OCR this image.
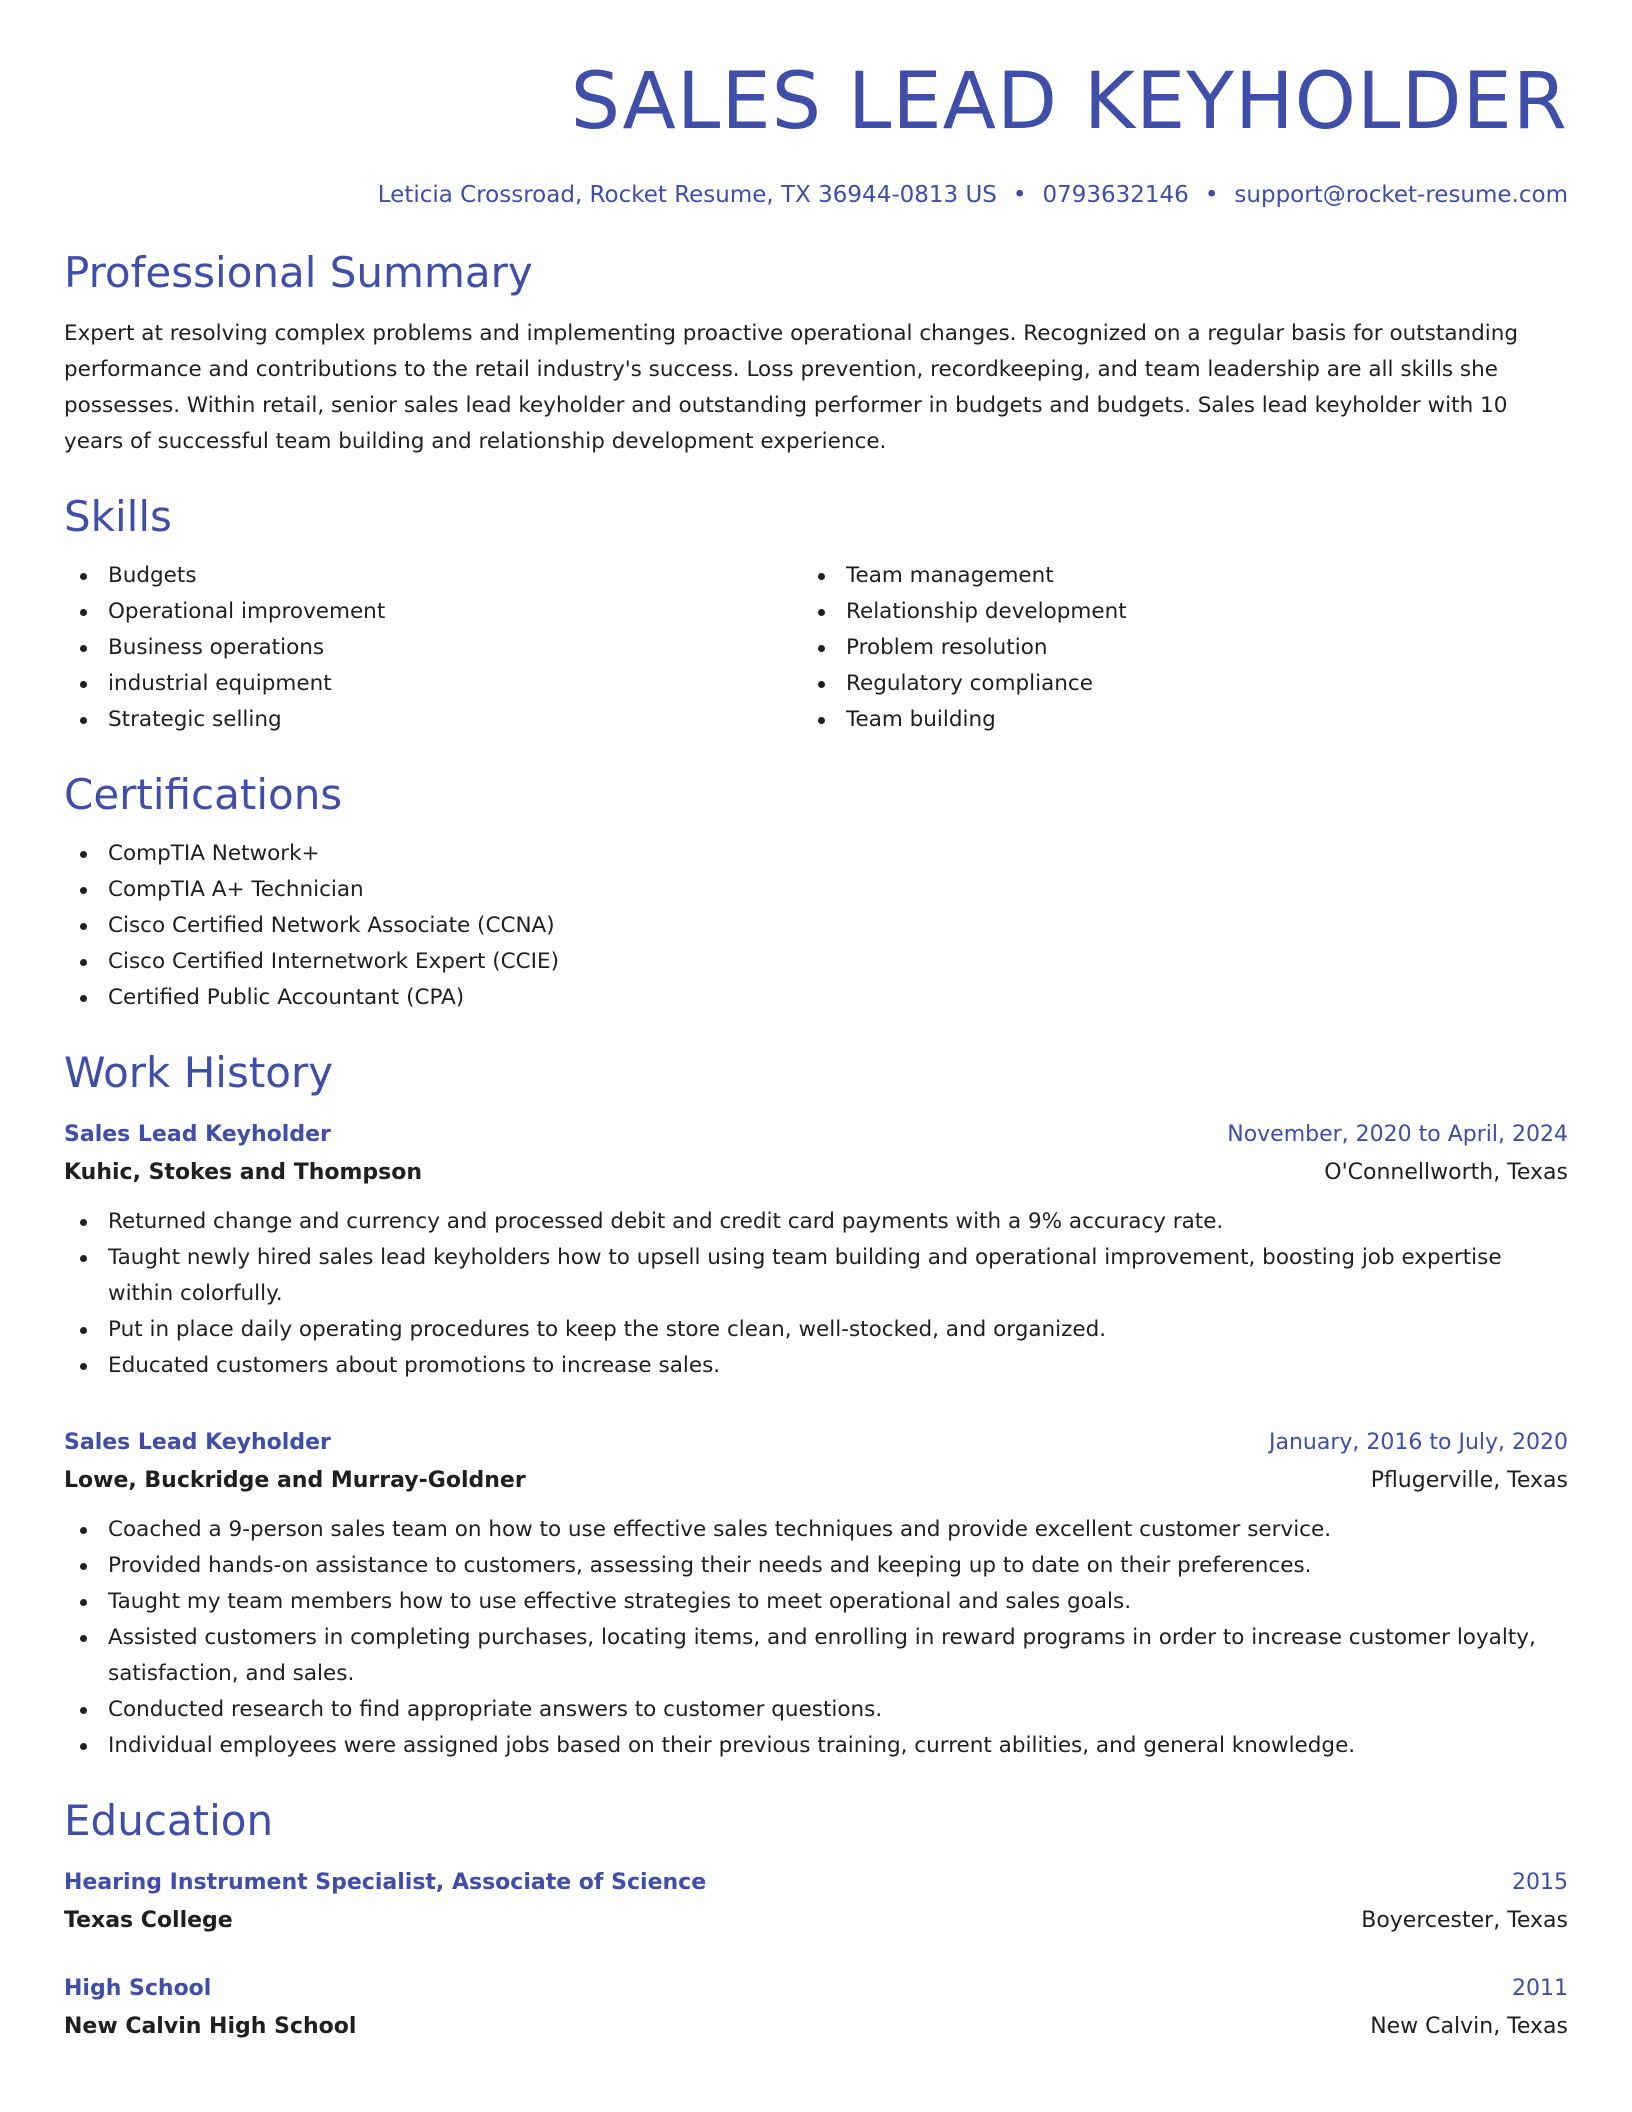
SALES LEAD KEYHOLDER
Leticia Crossroad, Rocket Resume, TX 36944-0813 US • 0793632146 • support@rocket-resume.com
Professional Summary

Expert at resolving complex problems and implementing proactive operational changes. Recognized on a regular basis for outstanding performance and contributions to the retail industry's success. Loss prevention, recordkeeping, and team leadership are all skills she possesses. Within retail, senior sales lead keyholder and outstanding performer in budgets and budgets. Sales lead keyholder with 10 years of successful team building and relationship development experience.

Skills
Budgets
Operational improvement
Business operations
industrial equipment
Strategic selling
Team management
Relationship development
Problem resolution
Regulatory compliance
Team building
Certifications
CompTIA Network+
CompTIA A+ Technician
Cisco Certified Network Associate (CCNA)
Cisco Certified Internetwork Expert (CCIE)
Certified Public Accountant (CPA)
Work History
Sales Lead Keyholder	November, 2020 to April, 2024
Kuhic, Stokes and Thompson	O'Connellworth, Texas
Returned change and currency and processed debit and credit card payments with a 9% accuracy rate.
Taught newly hired sales lead keyholders how to upsell using team building and operational improvement, boosting job expertise within colorfully.
Put in place daily operating procedures to keep the store clean, well-stocked, and organized.
Educated customers about promotions to increase sales.
Sales Lead Keyholder	January, 2016 to July, 2020
Lowe, Buckridge and Murray-Goldner	Pflugerville, Texas
Coached a 9-person sales team on how to use effective sales techniques and provide excellent customer service.
Provided hands-on assistance to customers, assessing their needs and keeping up to date on their preferences.
Taught my team members how to use effective strategies to meet operational and sales goals.
Assisted customers in completing purchases, locating items, and enrolling in reward programs in order to increase customer loyalty, satisfaction, and sales.
Conducted research to find appropriate answers to customer questions.
Individual employees were assigned jobs based on their previous training, current abilities, and general knowledge.
Education
Hearing Instrument Specialist, Associate of Science	2015
Texas College	Boyercester, Texas
High School	2011
New Calvin High School	New Calvin, Texas
